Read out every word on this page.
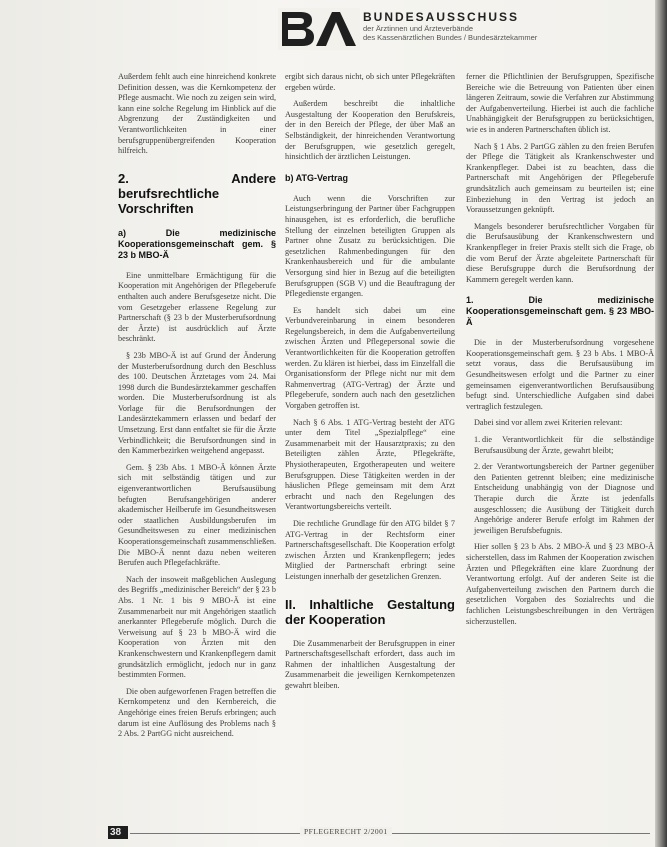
BUNDESAUSSCHUSS
der Ärztinnen und Ärzteverbände
des Kassenärztlichen Bundes / Bundesärztekammer

Außerdem fehlt auch eine hinreichend konkrete Definition dessen, was die Kernkompetenz der Pflege ausmacht. Wie noch zu zeigen sein wird, kann eine solche Regelung im Hinblick auf die Abgrenzung der Zuständigkeiten und Verantwortlichkeiten in einer berufsgruppenübergreifenden Kooperation hilfreich.

2. Andere berufsrechtliche Vorschriften
a) Die medizinische Kooperationsgemeinschaft gem. § 23 b MBO-Ä

Eine unmittelbare Ermächtigung für die Kooperation mit Angehörigen der Pflegeberufe enthalten auch andere Berufsgesetze nicht. Die vom Gesetzgeber erlassene Regelung zur Partnerschaft (§ 23 b der Musterberufsordnung der Ärzte) ist ausdrücklich auf Ärzte beschränkt.

§ 23b MBO-Ä ist auf Grund der Änderung der Musterberufsordnung durch den Beschluss des 100. Deutschen Ärztetages vom 24. Mai 1998 durch die Bundesärztekammer geschaffen worden. Die Musterberufsordnung ist als Vorlage für die Berufsordnungen der Landesärztekammern erlassen und bedarf der Umsetzung. Erst dann entfaltet sie für die Ärzte Verbindlichkeit; die Berufsordnungen sind in den Kammerbezirken weitgehend angepasst.

Gem. § 23b Abs. 1 MBO-Ä können Ärzte sich mit selbständig tätigen und zur eigenverantwortlichen Berufsausübung befugten Berufsangehörigen anderer akademischer Heilberufe im Gesundheitswesen oder staatlichen Ausbildungsberufen im Gesundheitswesen zu einer medizinischen Kooperationsgemeinschaft zusammenschließen. Die MBO-Ä nennt dazu neben weiteren Berufen auch Pflegefachkräfte.

Nach der insoweit maßgeblichen Auslegung des Begriffs „medizinischer Bereich“ der § 23 b Abs. 1 Nr. 1 bis 9 MBO-Ä ist eine Zusammenarbeit nur mit Angehörigen staatlich anerkannter Pflegeberufe möglich. Durch die Verweisung auf § 23 b MBO-Ä wird die Kooperation von Ärzten mit den Krankenschwestern und Krankenpflegern damit grundsätzlich ermöglicht, jedoch nur in ganz bestimmten Formen.

Die oben aufgeworfenen Fragen betreffen die Kernkompetenz und den Kernbereich, die Angehörige eines freien Berufs erbringen; auch darum ist eine Auflösung des Problems nach § 2 Abs. 2 PartGG nicht ausreichend.

ergibt sich daraus nicht, ob sich unter Pflegekräften ergeben würde.

Außerdem beschreibt die inhaltliche Ausgestaltung der Kooperation den Berufskreis, der in den Bereich der Pflege, der über Maß an Selbständigkeit, der hinreichenden Verantwortung der Berufsgruppen, wie gesetzlich geregelt, hinsichtlich der ärztlichen Leistungen.

b) ATG-Vertrag

Auch wenn die Vorschriften zur Leistungserbringung der Partner über Fachgruppen hinausgehen, ist es erforderlich, die berufliche Stellung der einzelnen beteiligten Gruppen als Partner ohne Zusatz zu berücksichtigen. Die gesetzlichen Rahmenbedingungen für den Krankenhausbereich und für die ambulante Versorgung sind hier in Bezug auf die beteiligten Berufsgruppen (SGB V) und die Beauftragung der Pflegedienste ergangen.

Es handelt sich dabei um eine Verbundvereinbarung in einem besonderen Regelungsbereich, in dem die Aufgabenverteilung zwischen Ärzten und Pflegepersonal sowie die Verantwortlichkeiten für die Kooperation getroffen werden. Zu klären ist hierbei, dass im Einzelfall die Organisationsform der Pflege nicht nur mit dem Rahmenvertrag (ATG-Vertrag) der Ärzte und Pflegeberufe, sondern auch nach den gesetzlichen Vorgaben getroffen ist.

Nach § 6 Abs. 1 ATG-Vertrag besteht der ATG unter dem Titel „Spezialpflege“ eine Zusammenarbeit mit der Hausarztpraxis; zu den Beteiligten zählen Ärzte, Pflegekräfte, Physiotherapeuten, Ergotherapeuten und weitere Berufsgruppen. Diese Tätigkeiten werden in der häuslichen Pflege gemeinsam mit dem Arzt erbracht und nach den Regelungen des Verantwortungsbereichs verteilt.

Die rechtliche Grundlage für den ATG bildet § 7 ATG-Vertrag in der Rechtsform einer Partnerschaftsgesellschaft. Die Kooperation erfolgt zwischen Ärzten und Krankenpflegern; jedes Mitglied der Partnerschaft erbringt seine Leistungen innerhalb der gesetzlichen Grenzen.

II. Inhaltliche Gestaltung der Kooperation

Die Zusammenarbeit der Berufsgruppen in einer Partnerschaftsgesellschaft erfordert, dass auch im Rahmen der inhaltlichen Ausgestaltung der Zusammenarbeit die jeweiligen Kernkompetenzen gewahrt bleiben.

ferner die Pflichtlinien der Berufsgruppen, Spezifische Bereiche wie die Betreuung von Patienten über einen längeren Zeitraum, sowie die Verfahren zur Abstimmung der Aufgabenverteilung. Hierbei ist auch die fachliche Unabhängigkeit der Berufsgruppen zu berücksichtigen, wie es in anderen Partnerschaften üblich ist.

Nach § 1 Abs. 2 PartGG zählen zu den freien Berufen der Pflege die Tätigkeit als Krankenschwester und Krankenpfleger. Dabei ist zu beachten, dass die Partnerschaft mit Angehörigen der Pflegeberufe grundsätzlich auch gemeinsam zu beurteilen ist; eine Einbeziehung in den Vertrag ist jedoch an Voraussetzungen geknüpft.

Mangels besonderer berufsrechtlicher Vorgaben für die Berufsausübung der Krankenschwestern und Krankenpfleger in freier Praxis stellt sich die Frage, ob die vom Beruf der Ärzte abgeleitete Partnerschaft für diese Berufsgruppe durch die Berufsordnung der Kammern geregelt werden kann.

1. Die medizinische Kooperationsgemeinschaft gem. § 23 MBO-Ä

Die in der Musterberufsordnung vorgesehene Kooperationsgemeinschaft gem. § 23 b Abs. 1 MBO-Ä setzt voraus, dass die Berufsausübung im Gesundheitswesen erfolgt und die Partner zu einer gemeinsamen eigenverantwortlichen Berufsausübung befugt sind. Unterschiedliche Aufgaben sind dabei vertraglich festzulegen.

Dabei sind vor allem zwei Kriterien relevant:

1. die Verantwortlichkeit für die selbständige Berufsausübung der Ärzte, gewahrt bleibt;

2. der Verantwortungsbereich der Partner gegenüber den Patienten getrennt bleiben; eine medizinische Entscheidung unabhängig von der Diagnose und Therapie durch die Ärzte ist jedenfalls ausgeschlossen; die Ausübung der Tätigkeit durch Angehörige anderer Berufe erfolgt im Rahmen der jeweiligen Berufsbefugnis.

Hier sollen § 23 b Abs. 2 MBO-Ä und § 23 MBO-Ä sicherstellen, dass im Rahmen der Kooperation zwischen Ärzten und Pflegekräften eine klare Zuordnung der Verantwortung erfolgt. Auf der anderen Seite ist die Aufgabenverteilung zwischen den Partnern durch die gesetzlichen Vorgaben des Sozialrechts und die fachlichen Leistungsbeschreibungen in den Verträgen sicherzustellen.

38	PFLEGERECHT 2/2001
